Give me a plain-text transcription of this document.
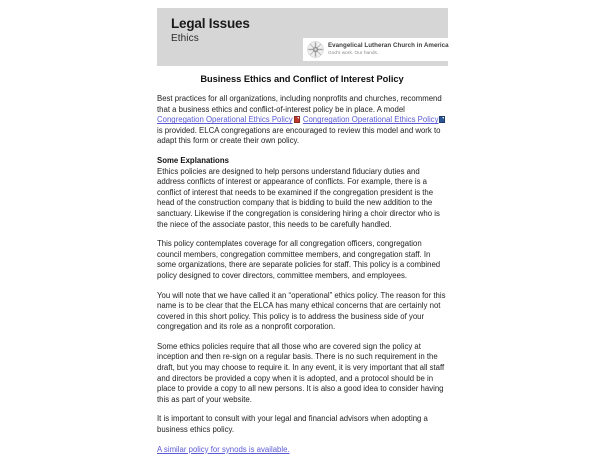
Legal Issues
Ethics
Evangelical Lutheran Church in America
God's work. Our hands.
Business Ethics and Conflict of Interest Policy

Best practices for all organizations, including nonprofits and churches, recommend that a business ethics and conflict-of-interest policy be in place. A model Congregation Operational Ethics Policy Congregation Operational Ethics Policyis provided. ELCA congregations are encouraged to review this model and work to adapt this form or create their own policy.

Some Explanations

Ethics policies are designed to help persons understand fiduciary duties and address conflicts of interest or appearance of conflicts. For example, there is a conflict of interest that needs to be examined if the congregation president is the head of the construction company that is bidding to build the new addition to the sanctuary. Likewise if the congregation is considering hiring a choir director who is the niece of the associate pastor, this needs to be carefully handled.

This policy contemplates coverage for all congregation officers, congregation council members, congregation committee members, and congregation staff. In some organizations, there are separate policies for staff. This policy is a combined policy designed to cover directors, committee members, and employees.

You will note that we have called it an “operational” ethics policy. The reason for this name is to be clear that the ELCA has many ethical concerns that are certainly not covered in this short policy. This policy is to address the business side of your congregation and its role as a nonprofit corporation.

Some ethics policies require that all those who are covered sign the policy at inception and then re-sign on a regular basis. There is no such requirement in the draft, but you may choose to require it. In any event, it is very important that all staff and directors be provided a copy when it is adopted, and a protocol should be in place to provide a copy to all new persons. It is also a good idea to consider having this as part of your website.

It is important to consult with your legal and financial advisors when adopting a business ethics policy.

A similar policy for synods is available.
